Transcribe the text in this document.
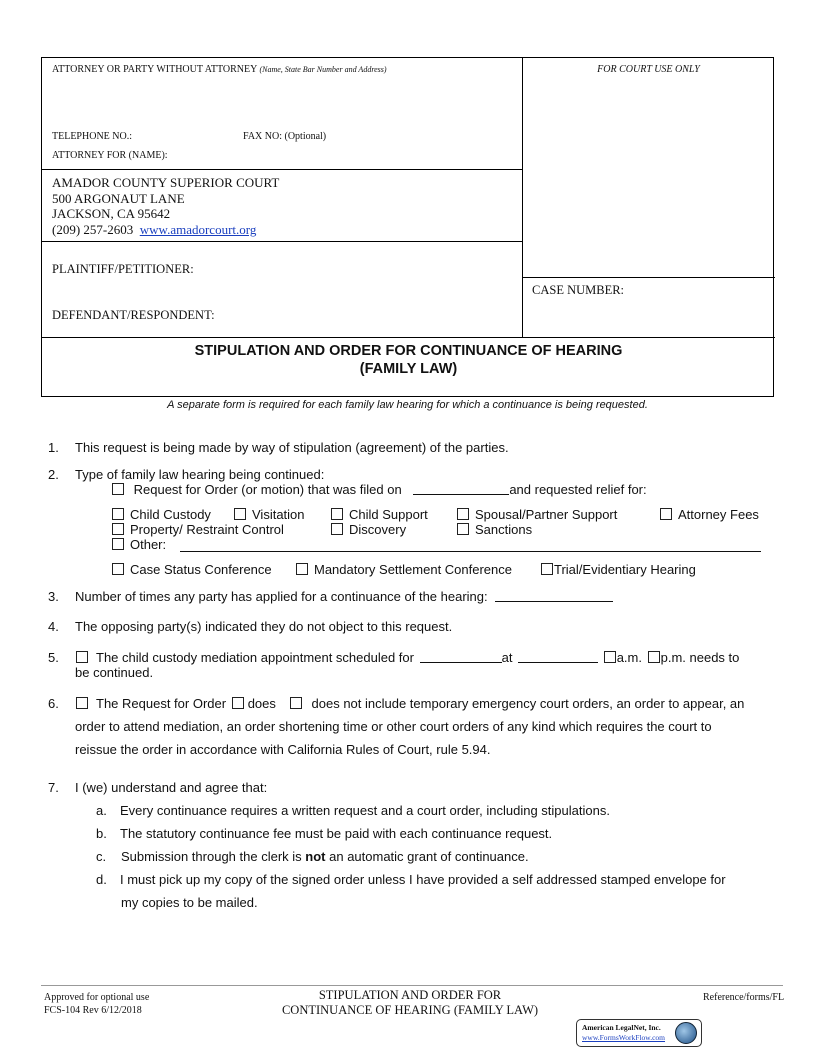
ATTORNEY OR PARTY WITHOUT ATTORNEY (Name, State Bar Number and Address)
TELEPHONE NO.:	FAX NO: (Optional)
ATTORNEY FOR (NAME):
FOR COURT USE ONLY
AMADOR COUNTY SUPERIOR COURT
500 ARGONAUT LANE
JACKSON, CA 95642
(209) 257-2603 www.amadorcourt.org
PLAINTIFF/PETITIONER:
DEFENDANT/RESPONDENT:
CASE NUMBER:
STIPULATION AND ORDER FOR CONTINUANCE OF HEARING
(FAMILY LAW)
A separate form is required for each family law hearing for which a continuance is being requested.
1. This request is being made by way of stipulation (agreement) of the parties.
2. Type of family law hearing being continued:
Request for Order (or motion) that was filed on	and requested relief for:
Child Custody	Visitation	Child Support	Spousal/Partner Support	Attorney Fees
Property/ Restraint Control	Discovery	Sanctions
Other:
Case Status Conference	Mandatory Settlement Conference	Trial/Evidentiary Hearing
3. Number of times any party has applied for a continuance of the hearing:
4. The opposing party(s) indicated they do not object to this request.
5.	The child custody mediation appointment scheduled for	at	a.m. p.m. needs to
be continued.
6.	The Request for Order does	does not include temporary emergency court orders, an order to appear, an
order to attend mediation, an order shortening time or other court orders of any kind which requires the court to
reissue the order in accordance with California Rules of Court, rule 5.94.
7. I (we) understand and agree that:
a. Every continuance requires a written request and a court order, including stipulations.
b. The statutory continuance fee must be paid with each continuance request.
c. Submission through the clerk is not an automatic grant of continuance.
d. I must pick up my copy of the signed order unless I have provided a self addressed stamped envelope for
my copies to be mailed.
Approved for optional use
FCS-104 Rev 6/12/2018
STIPULATION AND ORDER FOR
CONTINUANCE OF HEARING (FAMILY LAW)
Reference/forms/FL
American LegalNet, Inc.
www.FormsWorkFlow.com
